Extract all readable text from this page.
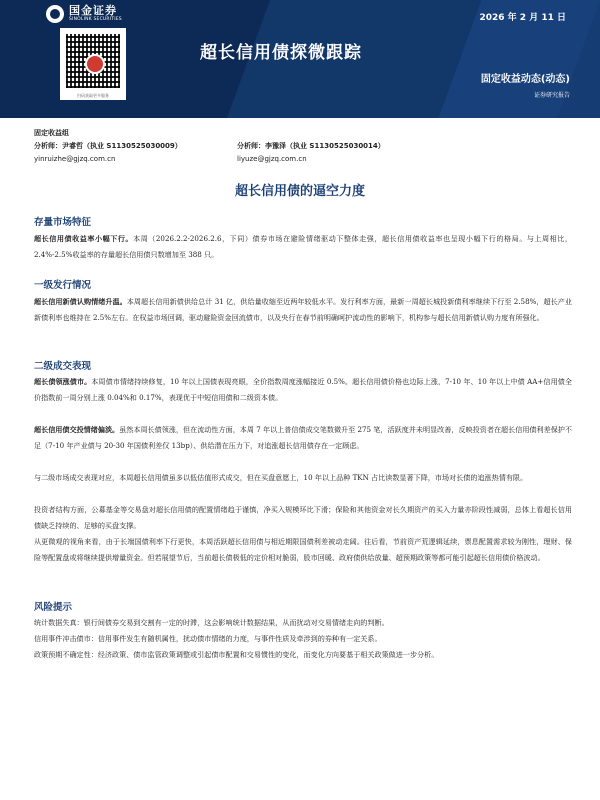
国金证券
SINOLINK SECURITIES
扫码获取更多服务
2026 年 2 月 11 日
超长信用债探微跟踪
固定收益动态(动态)
证券研究报告
固定收益组
分析师：尹睿哲（执业 S1130525030009）
yinruizhe@gjzq.com.cn
分析师：李豫泽（执业 S1130525030014）
liyuze@gjzq.com.cn
超长信用债的逼空力度
存量市场特征

超长信用债收益率小幅下行。本周（2026.2.2-2026.2.6，下同）债券市场在避险情绪驱动下整体走强，超长信用债收益率也呈现小幅下行的格局。与上周相比，2.4%-2.5%收益率的存量超长信用债只数增加至 388 只。

一级发行情况

超长信用新债认购情绪升温。本周超长信用新债供给总计 31 亿，供给量收缩至近两年较低水平。发行利率方面，最新一周超长城投新债利率继续下行至 2.58%，超长产业新债利率也维持在 2.5%左右。在权益市场回调，驱动避险资金回流债市，以及央行在春节前明确呵护流动性的影响下，机构参与超长信用新债认购力度有所强化。

二级成交表现

超长债领涨债市。本周债市情绪持续修复，10 年以上国债表现亮眼，全价指数周度涨幅接近 0.5%。超长信用债价格也边际上涨，7-10 年、10 年以上中债 AA+信用债全价指数前一周分别上涨 0.04%和 0.17%，表现优于中短信用债和二级资本债。

超长信用债交投情绪偏淡。虽然本周长债领涨，但在流动性方面，本周 7 年以上普信债成交笔数微升至 275 笔，活跃度并未明显改善，反映投资者在超长信用债利差保护不足（7-10 年产业债与 20-30 年国债利差仅 13bp）、供给潜在压力下，对追涨超长信用债存在一定顾虑。

与二级市场成交表现对应，本周超长信用债虽多以低估值形式成交，但在买盘意愿上，10 年以上品种 TKN 占比读数显著下降，市场对长债的追涨热情有限。

投资者结构方面，公募基金等交易盘对超长信用债的配置情绪趋于谨慎，净买入规模环比下滑；保险和其他资金对长久期资产的买入力量亦阶段性减弱，总体上看超长信用债缺乏持续的、足够的买盘支撑。

从更微观的视角来看，由于长端国债利率下行更快，本周活跃超长信用债与相近期限国债利差被动走阔。往后看，节前资产荒逻辑延续，票息配置需求较为刚性，理财、保险等配置盘或将继续提供增量资金。但若展望节后，当前超长债极低的定价相对脆弱，股市回暖、政府债供给放量、超预期政策等都可能引起超长信用债价格波动。

风险提示

统计数据失真：银行间债券交易到交割有一定的时滞，这会影响统计数据结果，从而扰动对交易情绪走向的判断。

信用事件冲击债市：信用事件发生有随机属性，扰动债市情绪的力度，与事件性质及牵涉到的券种有一定关系。

政策预期不确定性：经济政策、债市监管政策调整或引起债市配置和交易惯性的变化，而变化方向要基于相关政策做进一步分析。
